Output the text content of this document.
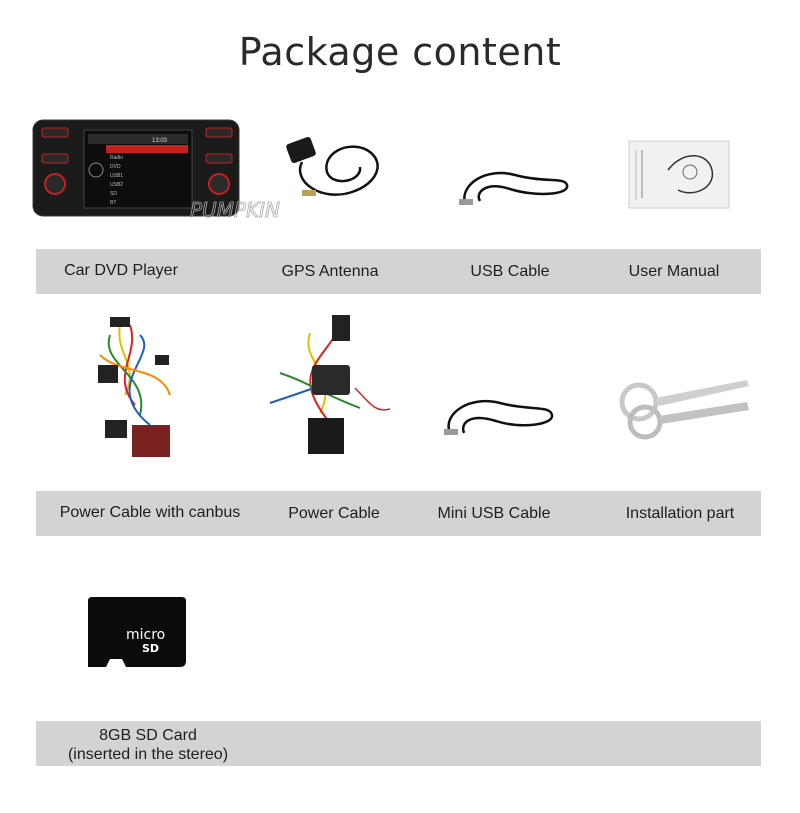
Package content
13:03
Radio
DVD
USB1
USB2
SD
BT	PUMPKIN
Car DVD Player	GPS Antenna	USB Cable	User Manual
Power Cable with canbus	Power Cable	Mini USB Cable	Installation part
micro
SD
8GB SD Card
(inserted in the stereo)
